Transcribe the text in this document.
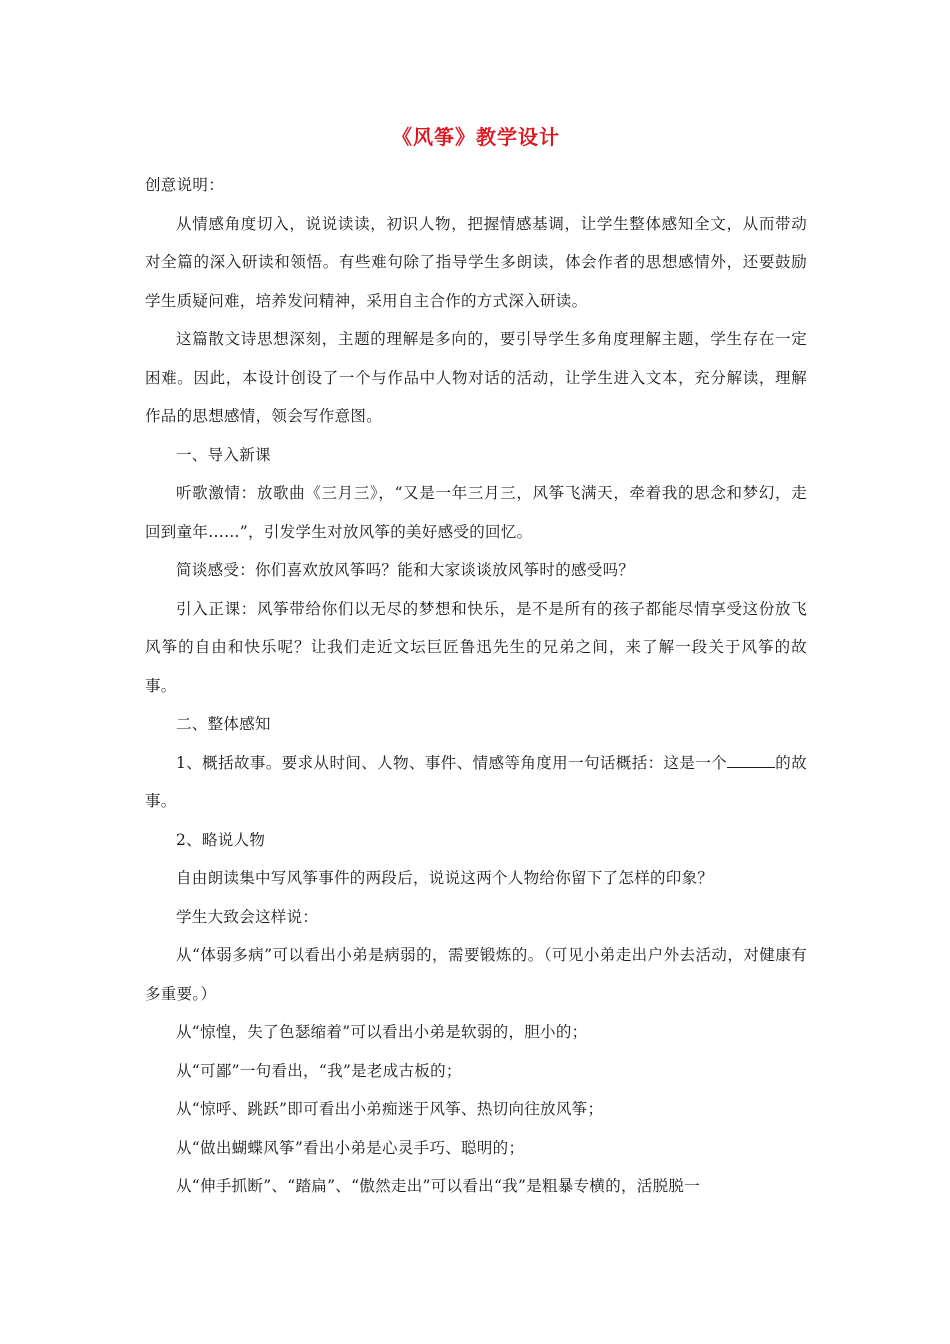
《风筝》教学设计

创意说明：

从情感角度切入，说说读读，初识人物，把握情感基调，让学生整体感知全文，从而带动对全篇的深入研读和领悟。有些难句除了指导学生多朗读，体会作者的思想感情外，还要鼓励学生质疑问难，培养发问精神，采用自主合作的方式深入研读。

这篇散文诗思想深刻，主题的理解是多向的，要引导学生多角度理解主题，学生存在一定困难。因此，本设计创设了一个与作品中人物对话的活动，让学生进入文本，充分解读，理解作品的思想感情，领会写作意图。

一、导入新课

听歌激情：放歌曲《三月三》，“又是一年三月三，风筝飞满天，牵着我的思念和梦幻，走回到童年……”，引发学生对放风筝的美好感受的回忆。

简谈感受：你们喜欢放风筝吗？能和大家谈谈放风筝时的感受吗？

引入正课：风筝带给你们以无尽的梦想和快乐，是不是所有的孩子都能尽情享受这份放飞风筝的自由和快乐呢？让我们走近文坛巨匠鲁迅先生的兄弟之间，来了解一段关于风筝的故事。

二、整体感知

1、概括故事。要求从时间、人物、事件、情感等角度用一句话概括：这是一个	的故事。

2、略说人物

自由朗读集中写风筝事件的两段后，说说这两个人物给你留下了怎样的印象？

学生大致会这样说：

从“体弱多病”可以看出小弟是病弱的，需要锻炼的。（可见小弟走出户外去活动，对健康有多重要。）

从“惊惶，失了色瑟缩着”可以看出小弟是软弱的，胆小的；

从“可鄙”一句看出，“我”是老成古板的；

从“惊呼、跳跃”即可看出小弟痴迷于风筝、热切向往放风筝；

从“做出蝴蝶风筝”看出小弟是心灵手巧、聪明的；

从“伸手抓断”、“踏扁”、“傲然走出”可以看出“我”是粗暴专横的，活脱脱一
